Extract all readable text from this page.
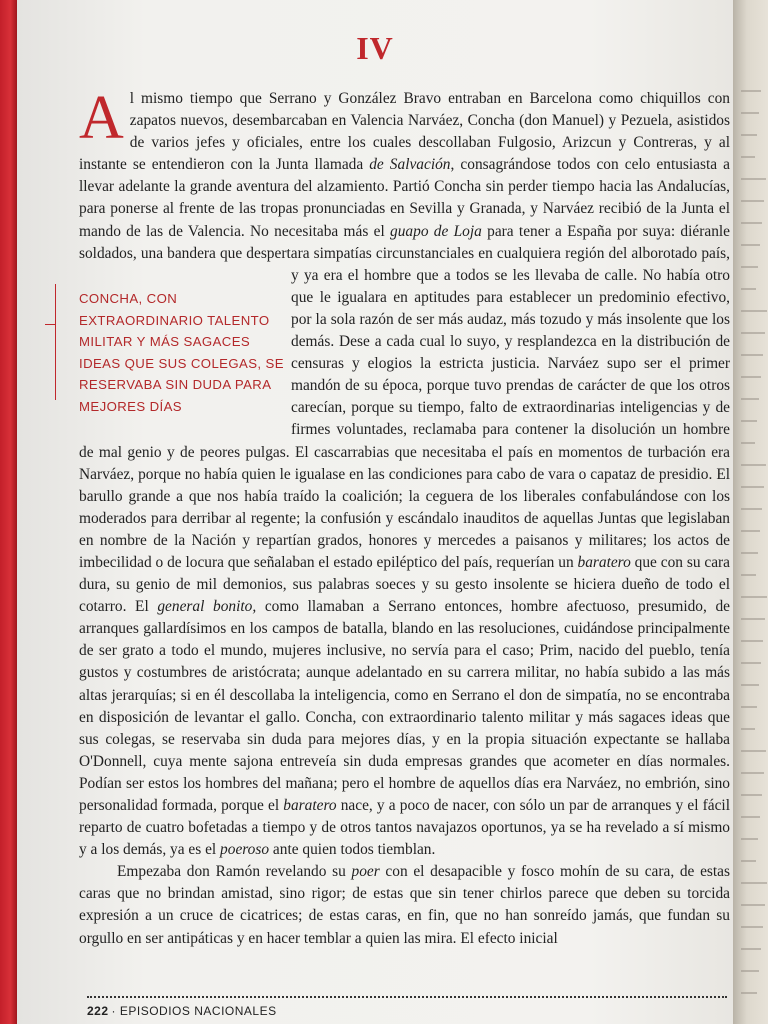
IV
CONCHA, CON EXTRAORDINARIO TALENTO MILITAR Y MÁS SAGACES IDEAS QUE SUS COLEGAS, SE RESERVABA SIN DUDA PARA MEJORES DÍAS

Al mismo tiempo que Serrano y González Bravo entraban en Barcelona como chiquillos con zapatos nuevos, desembarcaban en Valencia Narváez, Concha (don Manuel) y Pezuela, asistidos de varios jefes y oficiales, entre los cuales descollaban Fulgosio, Arizcun y Contreras, y al instante se entendieron con la Junta llamada de Salvación, consagrándose todos con celo entusiasta a llevar adelante la grande aventura del alzamiento. Partió Concha sin perder tiempo hacia las Andalucías, para ponerse al frente de las tropas pronunciadas en Sevilla y Granada, y Narváez recibió de la Junta el mando de las de Valencia. No necesitaba más el guapo de Loja para tener a España por suya: diéranle soldados, una bandera que despertara simpatías circunstanciales en cualquiera región del alborotado país, y ya
era el hombre que a todos se les llevaba de calle. No había otro que le igualara en aptitudes para establecer un predominio efectivo, por la sola razón de ser más audaz, más tozudo y más insolente que los demás. Dese a cada cual lo suyo, y resplandezca en la distribución de censuras y elogios la estricta justicia. Narváez supo ser el primer mandón de su época, porque tuvo prendas de carácter de que los otros carecían, porque su tiempo, falto de extraordinarias inteligencias y de firmes voluntades, reclamaba para contener la disolución un hombre de mal genio y de peores pulgas. El cascarrabias que necesitaba el país en momentos de turbación era Narváez, porque no había quien le igualase en las condiciones para cabo de vara o capataz de presidio. El barullo grande a que nos había traído la coalición; la ceguera de los liberales confabulándose con los moderados para derribar al regente; la confusión y escándalo inauditos de aquellas Juntas que legislaban en nombre de la Nación y repartían grados, honores y mercedes a paisanos y militares; los actos de imbecilidad o de locura que señalaban el estado epiléptico del país, requerían un baratero que con su cara dura, su genio de mil demonios, sus palabras soeces y su gesto insolente se hiciera dueño de todo el cotarro. El general bonito, como llamaban a Serrano entonces, hombre afectuoso, presumido, de arranques gallardísimos en los campos de batalla, blando en las resoluciones, cuidándose principalmente de ser grato a todo el mundo, mujeres inclusive, no servía para el caso; Prim, nacido del pueblo, tenía gustos y costumbres de aristócrata; aunque adelantado en su carrera militar, no había subido a las más altas jerarquías; si en él descollaba la inteligencia, como en Serrano el don de simpatía, no se encontraba en disposición de levantar el gallo. Concha, con extraordinario talento militar y más sagaces ideas que sus colegas, se reservaba sin duda para mejores días, y en la propia situación expectante se hallaba O'Donnell, cuya mente sajona entreveía sin duda empresas grandes que acometer en días normales. Podían ser estos los hombres del mañana; pero el hombre de aquellos días era Narváez, no embrión, sino personalidad formada, porque el baratero nace, y a poco de nacer, con sólo un par de arranques y el fácil reparto de cuatro bofetadas a tiempo y de otros tantos navajazos oportunos, ya se ha revelado a sí mismo y a los demás, ya es el poeroso ante quien todos tiemblan.

Empezaba don Ramón revelando su poer con el desapacible y fosco mohín de su cara, de estas caras que no brindan amistad, sino rigor; de estas que sin tener chirlos parece que deben su torcida expresión a un cruce de cicatrices; de estas caras, en fin, que no han sonreído jamás, que fundan su orgullo en ser antipáticas y en hacer temblar a quien las mira. El efecto inicial

222 · EPISODIOS NACIONALES
